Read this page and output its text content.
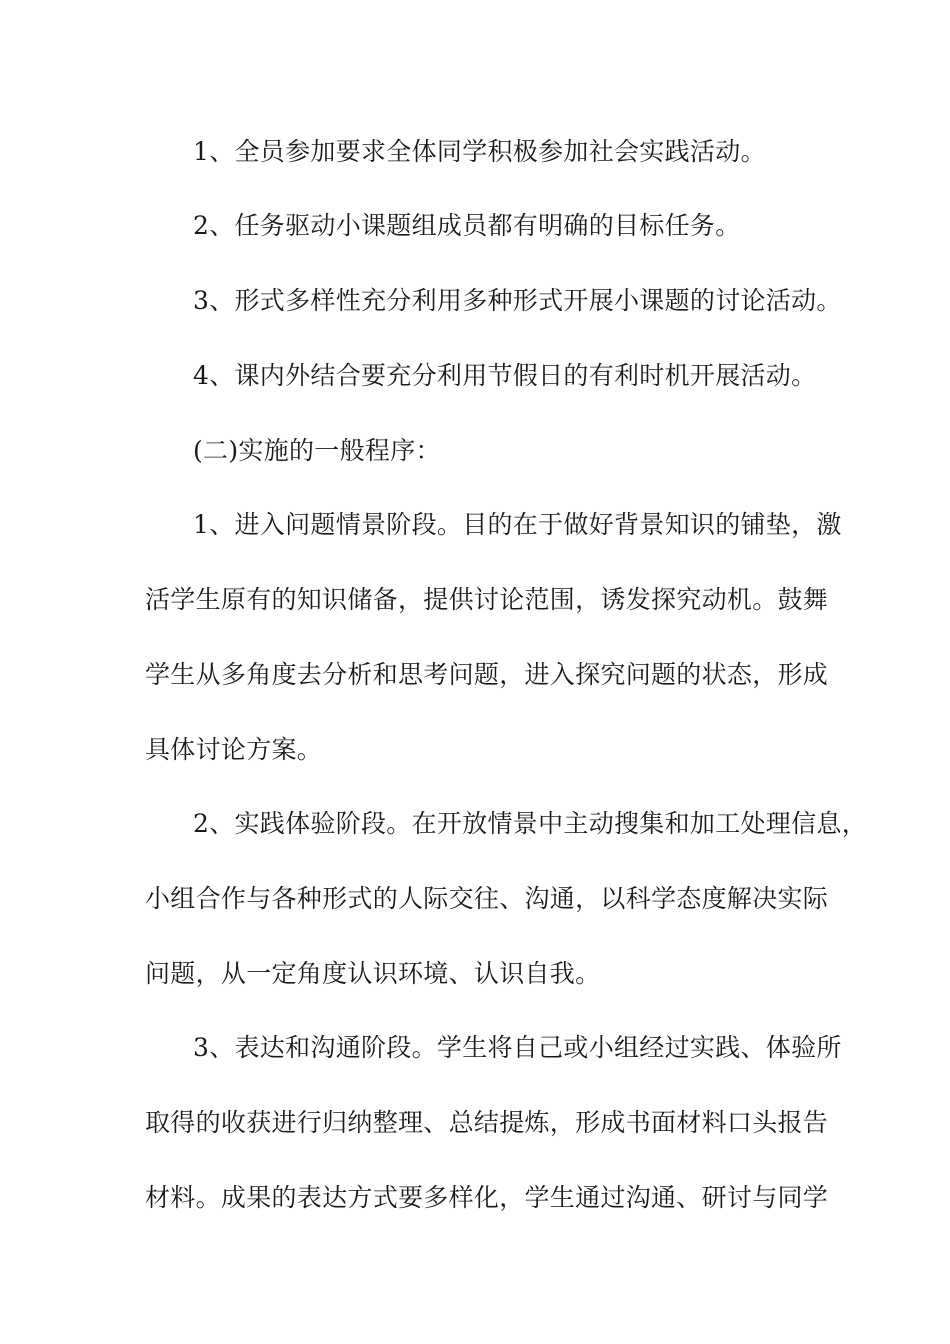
1、全员参加要求全体同学积极参加社会实践活动。
2、任务驱动小课题组成员都有明确的目标任务。
3、形式多样性充分利用多种形式开展小课题的讨论活动。
4、课内外结合要充分利用节假日的有利时机开展活动。
(二)实施的一般程序：
1、进入问题情景阶段。目的在于做好背景知识的铺垫，激
活学生原有的知识储备，提供讨论范围，诱发探究动机。鼓舞
学生从多角度去分析和思考问题，进入探究问题的状态，形成
具体讨论方案。
2、实践体验阶段。在开放情景中主动搜集和加工处理信息，
小组合作与各种形式的人际交往、沟通，以科学态度解决实际
问题，从一定角度认识环境、认识自我。
3、表达和沟通阶段。学生将自己或小组经过实践、体验所
取得的收获进行归纳整理、总结提炼，形成书面材料口头报告
材料。成果的表达方式要多样化，学生通过沟通、研讨与同学
